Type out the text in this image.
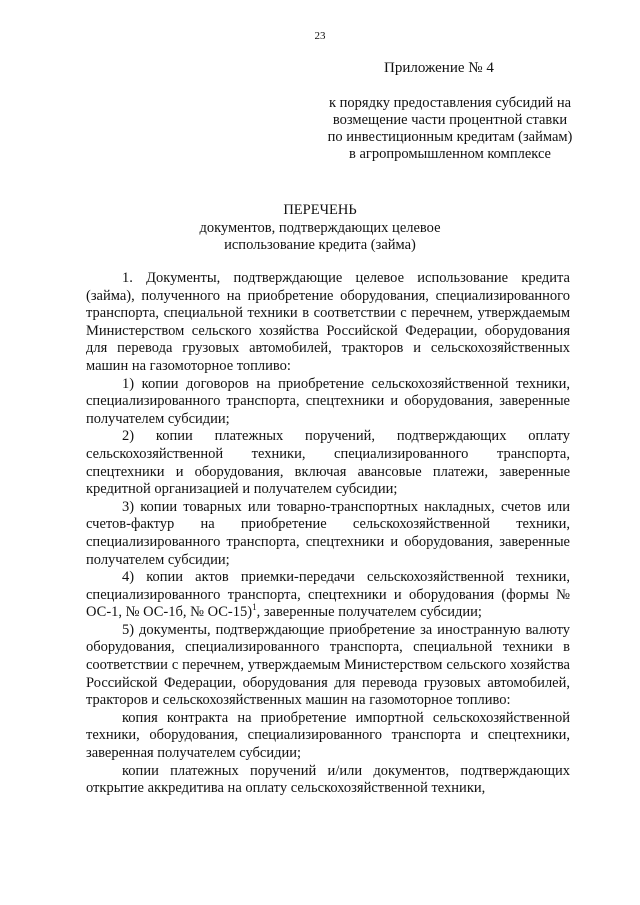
23
Приложение № 4
к порядку предоставления субсидий на
возмещение части процентной ставки
по инвестиционным кредитам (займам)
в агропромышленном комплексе
ПЕРЕЧЕНЬ
документов, подтверждающих целевое
использование кредита (займа)

1. Документы, подтверждающие целевое использование кредита (займа), полученного на приобретение оборудования, специализированного транспорта, специальной техники в соответствии с перечнем, утверждаемым Министерством сельского хозяйства Российской Федерации, оборудования для перевода грузовых автомобилей, тракторов и сельскохозяйственных машин на газомоторное топливо:

1) копии договоров на приобретение сельскохозяйственной техники, специализированного транспорта, спецтехники и оборудования, заверенные получателем субсидии;

2) копии платежных поручений, подтверждающих оплату сельскохозяйственной техники, специализированного транспорта, спецтехники и оборудования, включая авансовые платежи, заверенные кредитной организацией и получателем субсидии;

3) копии товарных или товарно-транспортных накладных, счетов или счетов-фактур на приобретение сельскохозяйственной техники, специализированного транспорта, спецтехники и оборудования, заверенные получателем субсидии;

4) копии актов приемки-передачи сельскохозяйственной техники, специализированного транспорта, спецтехники и оборудования (формы № ОС-1, № ОС-1б, № ОС-15)$^1$, заверенные получателем субсидии;

5) документы, подтверждающие приобретение за иностранную валюту оборудования, специализированного транспорта, специальной техники в соответствии с перечнем, утверждаемым Министерством сельского хозяйства Российской Федерации, оборудования для перевода грузовых автомобилей, тракторов и сельскохозяйственных машин на газомоторное топливо:

копия контракта на приобретение импортной сельскохозяйственной техники, оборудования, специализированного транспорта и спецтехники, заверенная получателем субсидии;

копии платежных поручений и/или документов, подтверждающих открытие аккредитива на оплату сельскохозяйственной техники,
